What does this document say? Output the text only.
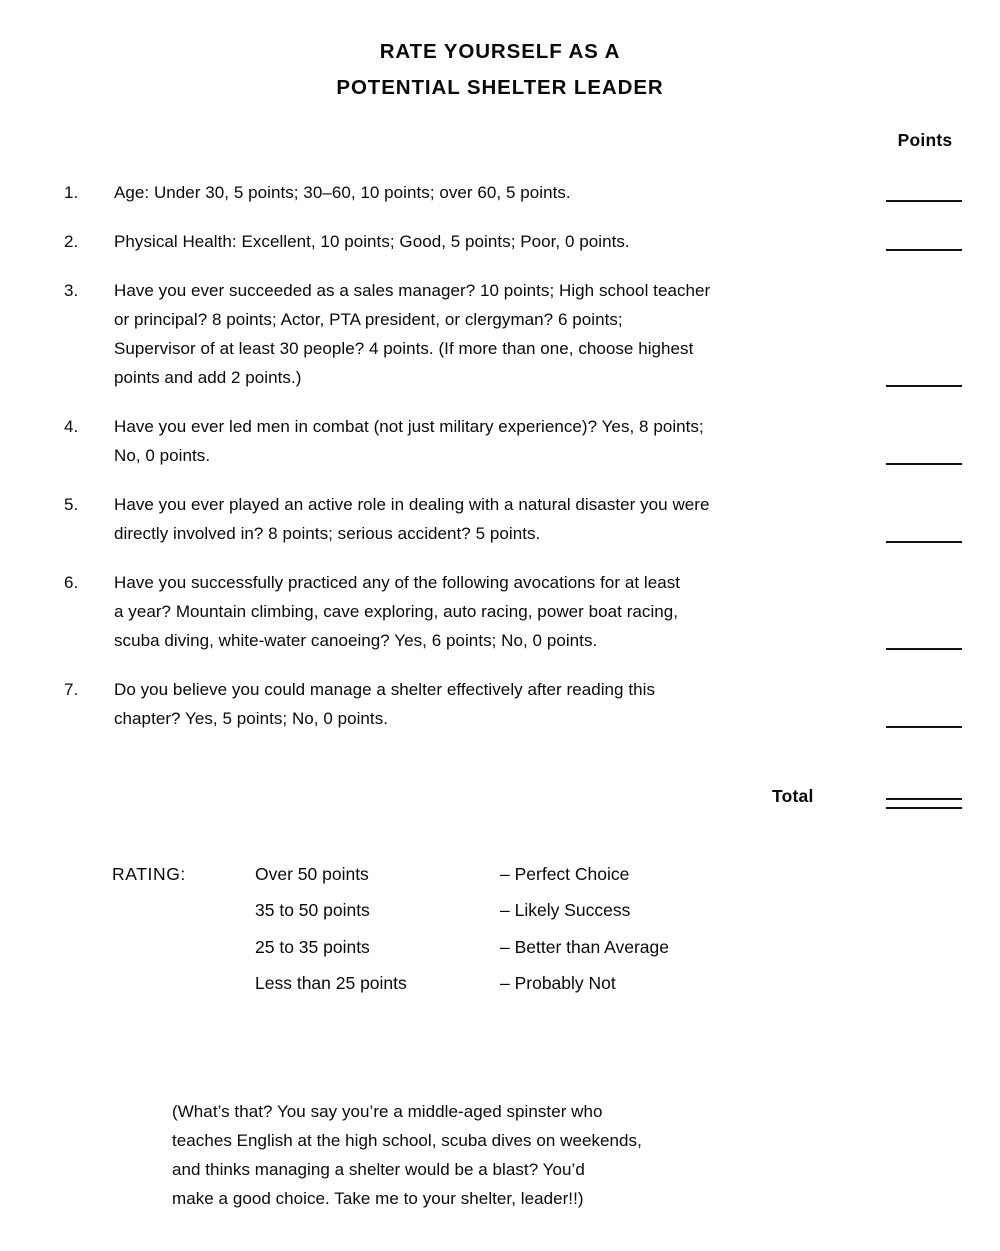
RATE YOURSELF AS A
POTENTIAL SHELTER LEADER
Points
1.	Age: Under 30, 5 points; 30–60, 10 points; over 60, 5 points.
2.	Physical Health: Excellent, 10 points; Good, 5 points; Poor, 0 points.
3.	Have you ever succeeded as a sales manager? 10 points; High school teacher
or principal? 8 points; Actor, PTA president, or clergyman? 6 points;
Supervisor of at least 30 people? 4 points. (If more than one, choose highest
points and add 2 points.)
4.	Have you ever led men in combat (not just military experience)? Yes, 8 points;
No, 0 points.
5.	Have you ever played an active role in dealing with a natural disaster you were
directly involved in? 8 points; serious accident? 5 points.
6.	Have you successfully practiced any of the following avocations for at least
a year? Mountain climbing, cave exploring, auto racing, power boat racing,
scuba diving, white-water canoeing? Yes, 6 points; No, 0 points.
7.	Do you believe you could manage a shelter effectively after reading this
chapter? Yes, 5 points; No, 0 points.
Total
RATING:	Over 50 points	– Perfect Choice
35 to 50 points	– Likely Success
25 to 35 points	– Better than Average
Less than 25 points	– Probably Not
(What’s that? You say you’re a middle-aged spinster who
teaches English at the high school, scuba dives on weekends,
and thinks managing a shelter would be a blast? You’d
make a good choice. Take me to your shelter, leader!!)
